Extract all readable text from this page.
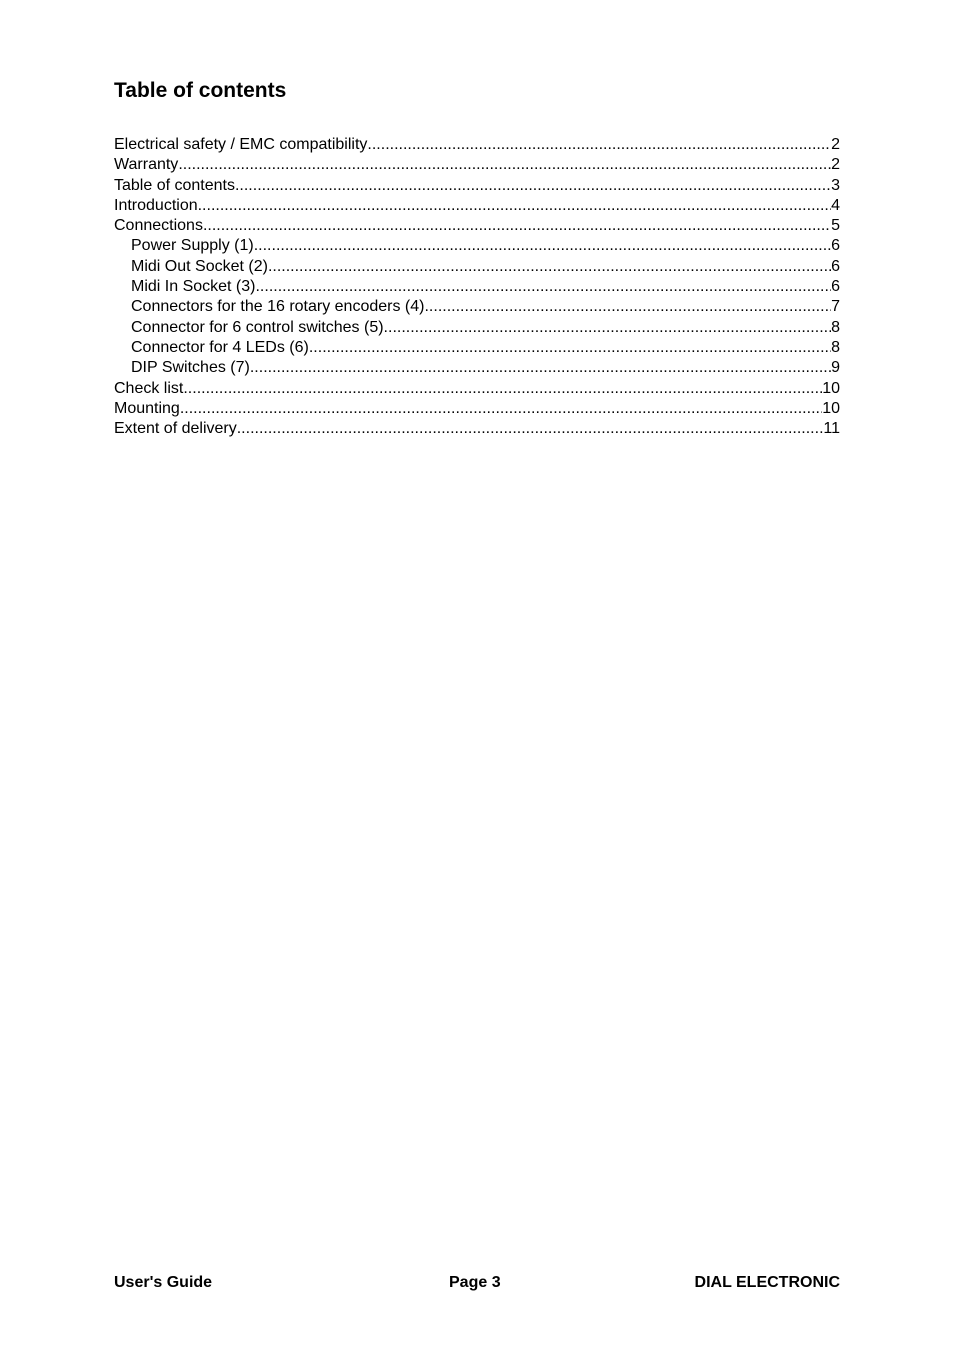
Table of contents
Electrical safety / EMC compatibility .....	2
Warranty .....	2
Table of contents .....	3
Introduction .....	4
Connections .....	5
Power Supply (1) .....	6
Midi Out Socket (2) .....	6
Midi In Socket (3) .....	6
Connectors for the 16 rotary encoders (4) .....	7
Connector for 6 control switches (5) .....	8
Connector for 4 LEDs (6) .....	8
DIP Switches (7) .....	9
Check list .....	10
Mounting .....	10
Extent of delivery .....	11
User's Guide	Page 3	DIAL ELECTRONIC
